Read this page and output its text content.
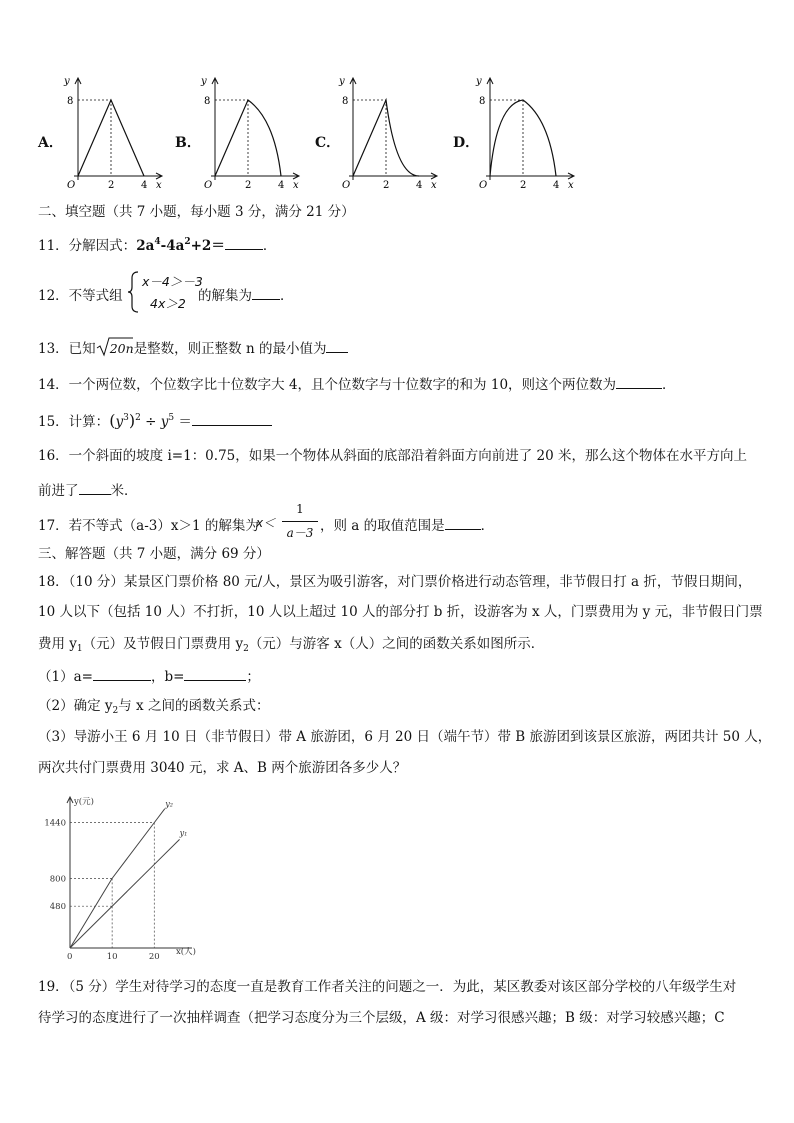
A．	B．	C．	D．
y
x
O
8
2	4
y
x
O
8
2	4
y
x
O
8
2	4
y
x
O
8
2	4
二、填空题（共 7 小题，每小题 3 分，满分 21 分）
11．分解因式：$2a^4-4a^2+2=$	．
12．不等式组
x－4＞－3
4x＞2 的解集为 ．
13．已知 20n 是整数，则正整数 n 的最小值为
14．一个两位数，个位数字比十位数字大 4，且个位数字与十位数字的和为 10，则这个两位数为	．
15．计算：$(y^3)^2 \div y^5$ ＝
16．一个斜面的坡度 i=1：0.75，如果一个物体从斜面的底部沿着斜面方向前进了 20 米，那么这个物体在水平方向上
前进了 米．
17．若不等式（a-3）x＞1 的解集为
x＜
1
a－3 ，则 a 的取值范围是	．
三、解答题（共 7 小题，满分 69 分）
18．（10 分）某景区门票价格 80 元/人，景区为吸引游客，对门票价格进行动态管理，非节假日打 a 折，节假日期间，
10 人以下（包括 10 人）不打折，10 人以上超过 10 人的部分打 b 折，设游客为 x 人，门票费用为 y 元，非节假日门票
费用 $y_1$（元）及节假日门票费用 $y_2$（元）与游客 x（人）之间的函数关系如图所示．
（1）a=	，b=	；
（2）确定 $y_2$与 x 之间的函数关系式：
（3）导游小王 6 月 10 日（非节假日）带 A 旅游团，6 月 20 日（端午节）带 B 旅游团到该景区旅游，两团共计 50 人，
两次共付门票费用 3040 元，求 A、B 两个旅游团各多少人？
y(元)
x(人)
0
480
800
1440
10	20
y₂
y₁
19．（5 分）学生对待学习的态度一直是教育工作者关注的问题之一．为此，某区教委对该区部分学校的八年级学生对
待学习的态度进行了一次抽样调查（把学习态度分为三个层级，A 级：对学习很感兴趣；B 级：对学习较感兴趣；C
